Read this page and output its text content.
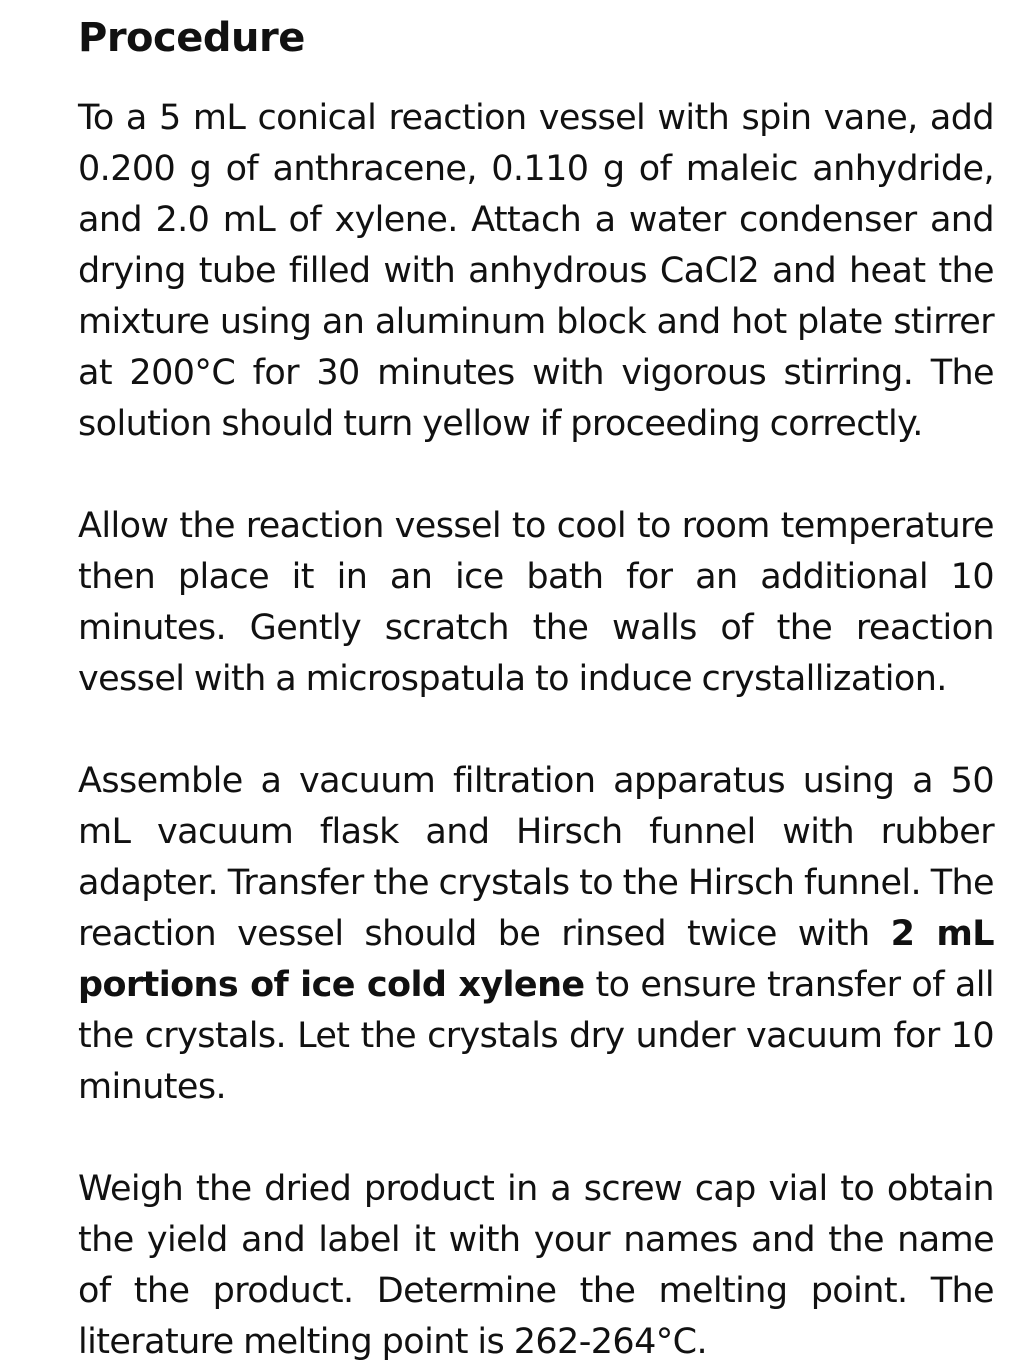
Procedure

To a 5 mL conical reaction vessel with spin vane, add 0.200 g of anthracene, 0.110 g of maleic anhydride, and 2.0 mL of xylene. Attach a water condenser and drying tube filled with anhydrous CaCl2 and heat the mixture using an aluminum block and hot plate stirrer at 200°C for 30 minutes with vigorous stirring. The solution should turn yellow if proceeding correctly.

Allow the reaction vessel to cool to room temperature then place it in an ice bath for an additional 10 minutes. Gently scratch the walls of the reaction vessel with a microspatula to induce crystallization.

Assemble a vacuum filtration apparatus using a 50 mL vacuum flask and Hirsch funnel with rubber adapter. Transfer the crystals to the Hirsch funnel. The reaction vessel should be rinsed twice with 2 mL portions of ice cold xylene to ensure transfer of all the crystals. Let the crystals dry under vacuum for 10 minutes.

Weigh the dried product in a screw cap vial to obtain the yield and label it with your names and the name of the product. Determine the melting point. The literature melting point is 262-264°C.
